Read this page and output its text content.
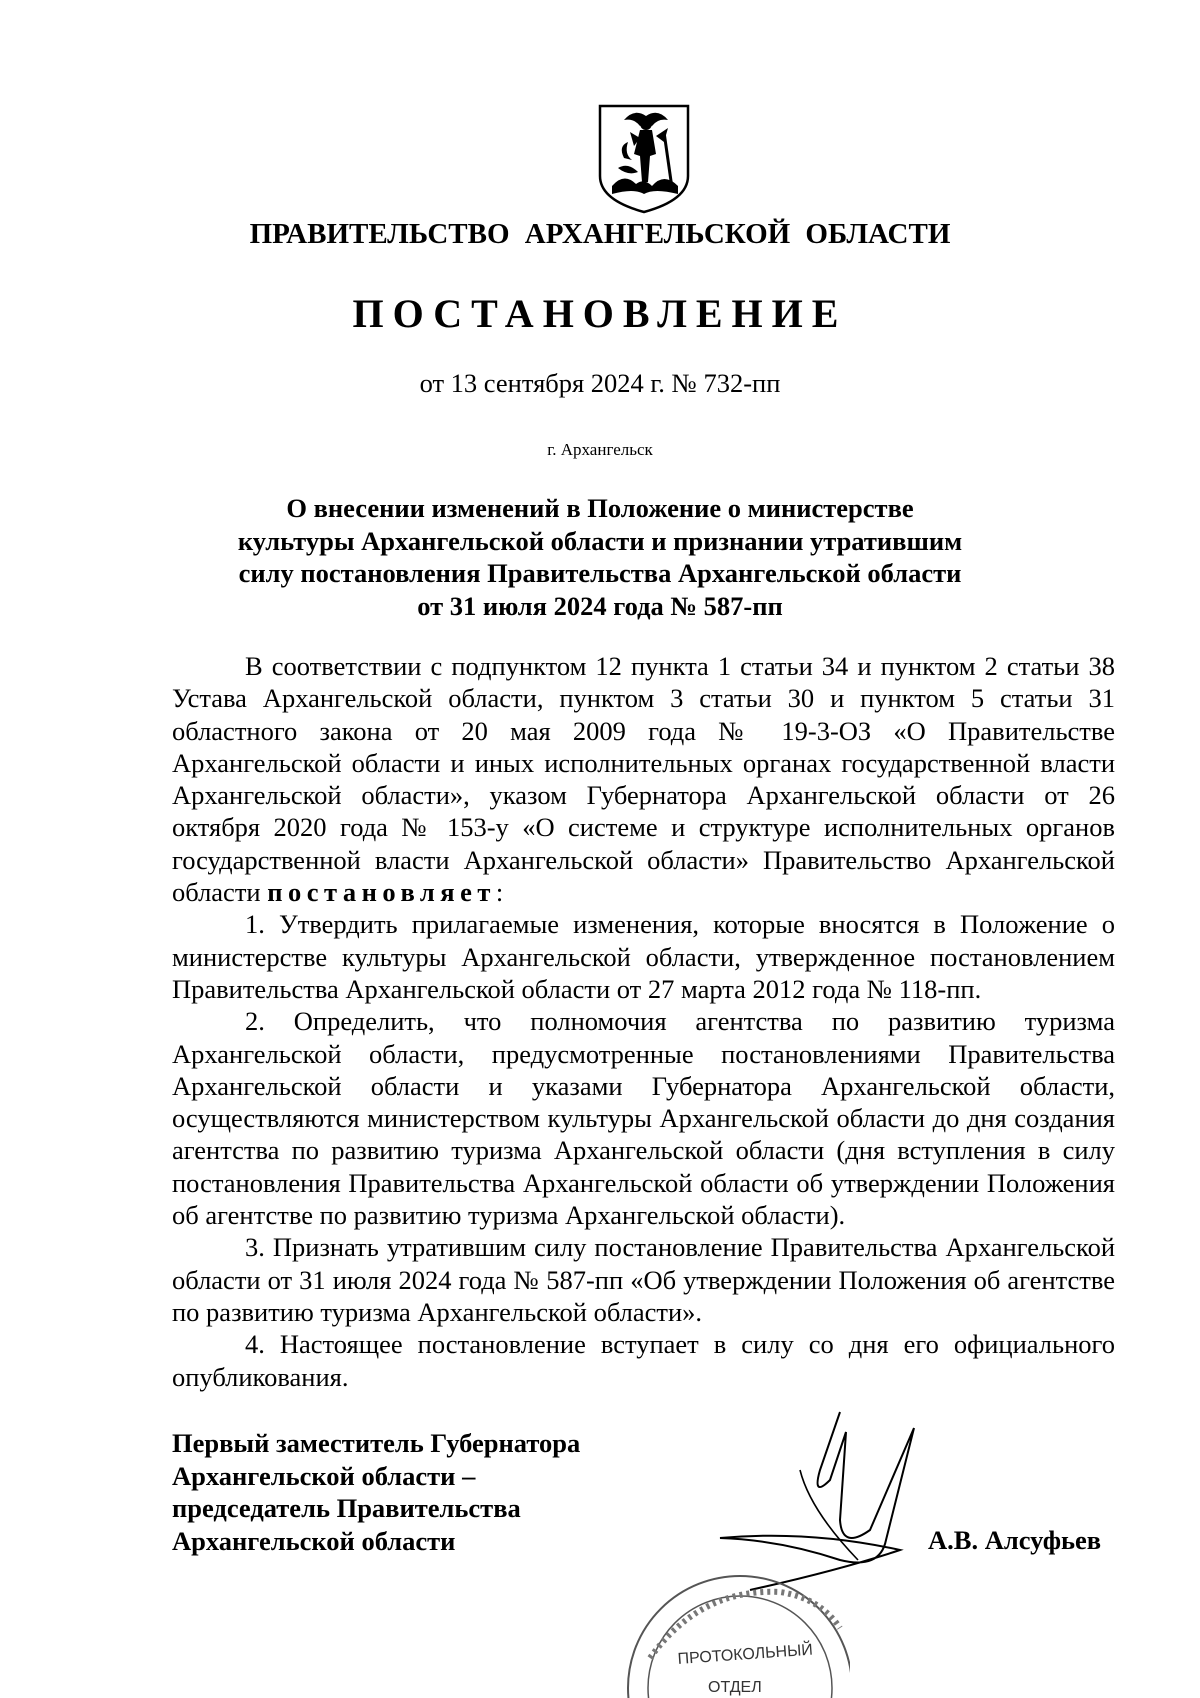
ПРАВИТЕЛЬСТВО АРХАНГЕЛЬСКОЙ ОБЛАСТИ
ПОСТАНОВЛЕНИЕ
от 13 сентября 2024 г. № 732-пп
г. Архангельск
О внесении изменений в Положение о министерстве
культуры Архангельской области и признании утратившим
силу постановления Правительства Архангельской области
от 31 июля 2024 года № 587-пп

В соответствии с подпунктом 12 пункта 1 статьи 34 и пунктом 2 статьи 38 Устава Архангельской области, пунктом 3 статьи 30 и пунктом 5 статьи 31 областного закона от 20 мая 2009 года № 19-3-ОЗ «О Правительстве Архангельской области и иных исполнительных органах государственной власти Архангельской области», указом Губернатора Архангельской области от 26 октября 2020 года № 153-у «О системе и структуре исполнительных органов государственной власти Архангельской области» Правительство Архангельской области постановляет:

1. Утвердить прилагаемые изменения, которые вносятся в Положение о министерстве культуры Архангельской области, утвержденное постановлением Правительства Архангельской области от 27 марта 2012 года № 118-пп.

2. Определить, что полномочия агентства по развитию туризма Архангельской области, предусмотренные постановлениями Правительства Архангельской области и указами Губернатора Архангельской области, осуществляются министерством культуры Архангельской области до дня создания агентства по развитию туризма Архангельской области (дня вступления в силу постановления Правительства Архангельской области об утверждении Положения об агентстве по развитию туризма Архангельской области).

3. Признать утратившим силу постановление Правительства Архангельской области от 31 июля 2024 года № 587-пп «Об утверждении Положения об агентстве по развитию туризма Архангельской области».

4. Настоящее постановление вступает в силу со дня его официального опубликования.

Первый заместитель Губернатора
Архангельской области –
председатель Правительства
Архангельской области	А.В. Алсуфьев
ПРОТОКОЛЬНЫЙ
ОТДЕЛ
